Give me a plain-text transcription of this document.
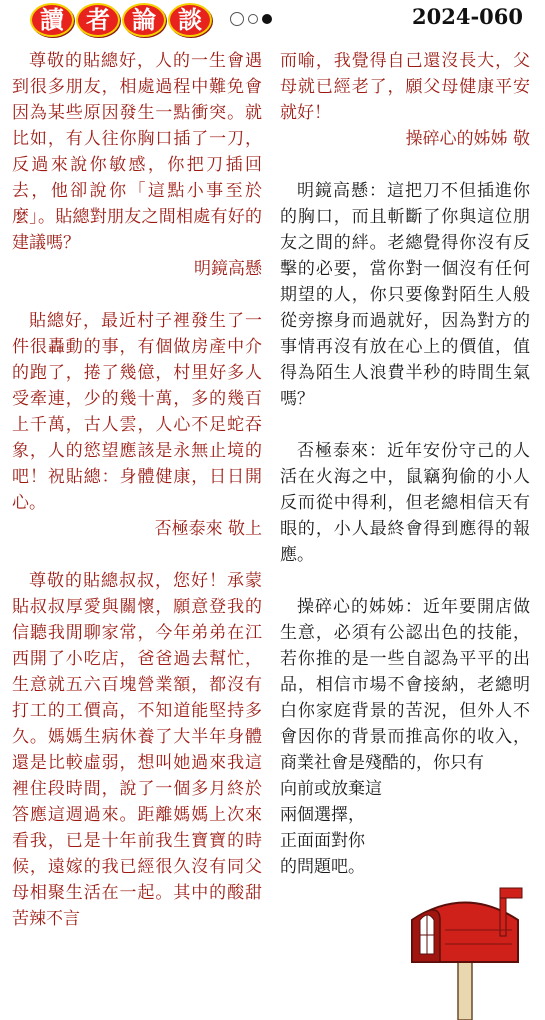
讀 者 論 談	2024-060
尊敬的貼總好，人的一生會遇到很多朋友，相處過程中難免會因為某些原因發生一點衝突。就比如，有人往你胸口插了一刀，反過來說你敏感，你把刀插回去，他卻說你「這點小事至於麼」。貼總對朋友之間相處有好的建議嗎？
明鏡高懸
貼總好，最近村子裡發生了一件很轟動的事，有個做房產中介的跑了，捲了幾億，村里好多人受牽連，少的幾十萬，多的幾百上千萬，古人雲，人心不足蛇吞象，人的慾望應該是永無止境的吧！祝貼總：身體健康，日日開心。
否極泰來 敬上
尊敬的貼總叔叔，您好！承蒙貼叔叔厚愛與關懷，願意登我的信聽我閒聊家常，今年弟弟在江西開了小吃店，爸爸過去幫忙，生意就五六百塊營業額，都沒有打工的工價高，不知道能堅持多久。媽媽生病休養了大半年身體還是比較虛弱，想叫她過來我這裡住段時間，說了一個多月終於答應這週過來。距離媽媽上次來看我，已是十年前我生寶寶的時候，遠嫁的我已經很久沒有同父母相聚生活在一起。其中的酸甜苦辣不言
而喻，我覺得自己還沒長大，父母就已經老了，願父母健康平安就好！
操碎心的姊姊 敬
明鏡高懸：這把刀不但插進你的胸口，而且斬斷了你與這位朋友之間的絆。老總覺得你沒有反擊的必要，當你對一個沒有任何期望的人，你只要像對陌生人般從旁擦身而過就好，因為對方的事情再沒有放在心上的價值，值得為陌生人浪費半秒的時間生氣嗎？
否極泰來：近年安份守己的人活在火海之中，鼠竊狗偷的小人反而從中得利，但老總相信天有眼的，小人最終會得到應得的報應。
操碎心的姊姊：近年要開店做生意，必須有公認出色的技能，若你推的是一些自認為平平的出品，相信市場不會接納，老總明白你家庭背景的苦況，但外人不會因你的背景而推高你的收入，商業社會是殘酷的，你只有
向前或放棄這
兩個選擇，
正面面對你
的問題吧。
